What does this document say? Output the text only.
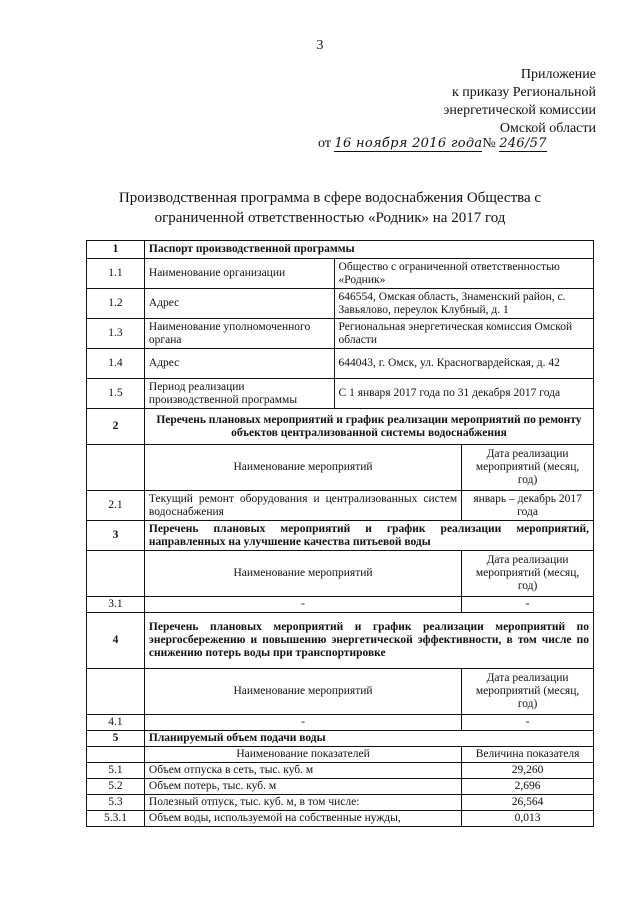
3
Приложение
к приказу Региональной
энергетической комиссии
Омской области
от 16 ноября 2016 года№ 246/57
Производственная программа в сфере водоснабжения Общества с
ограниченной ответственностью «Родник» на 2017 год
1	Паспорт производственной программы		
1.1	Наименование организации	Общество с ограниченной ответственностью «Родник»	
1.2	Адрес	646554, Омская область, Знаменский район, с. Завьялово, переулок Клубный, д. 1	
1.3	Наименование уполномоченного органа	Региональная энергетическая комиссия Омской области	
1.4	Адрес	644043, г. Омск, ул. Красногвардейская, д. 42	
1.5	Период реализации производственной программы	С 1 января 2017 года по 31 декабря 2017 года	
2	Перечень плановых мероприятий и график реализации мероприятий по ремонту объектов централизованной системы водоснабжения		
	Наименование мероприятий		Дата реализации мероприятий (месяц, год)
2.1	Текущий ремонт оборудования и централизованных систем водоснабжения		январь – декабрь 2017 года
3	Перечень плановых мероприятий и график реализации мероприятий, направленных на улучшение качества питьевой воды		
	Наименование мероприятий		Дата реализации мероприятий (месяц, год)
3.1	-		-
4	Перечень плановых мероприятий и график реализации мероприятий по энергосбережению и повышению энергетической эффективности, в том числе по снижению потерь воды при транспортировке		
	Наименование мероприятий		Дата реализации мероприятий (месяц, год)
4.1	-		-
5	Планируемый объем подачи воды		
	Наименование показателей		Величина показателя
5.1	Объем отпуска в сеть, тыс. куб. м		29,260
5.2	Объем потерь, тыс. куб. м		2,696
5.3	Полезный отпуск, тыс. куб. м, в том числе:		26,564
5.3.1	Объем воды, используемой на собственные нужды,		0,013
